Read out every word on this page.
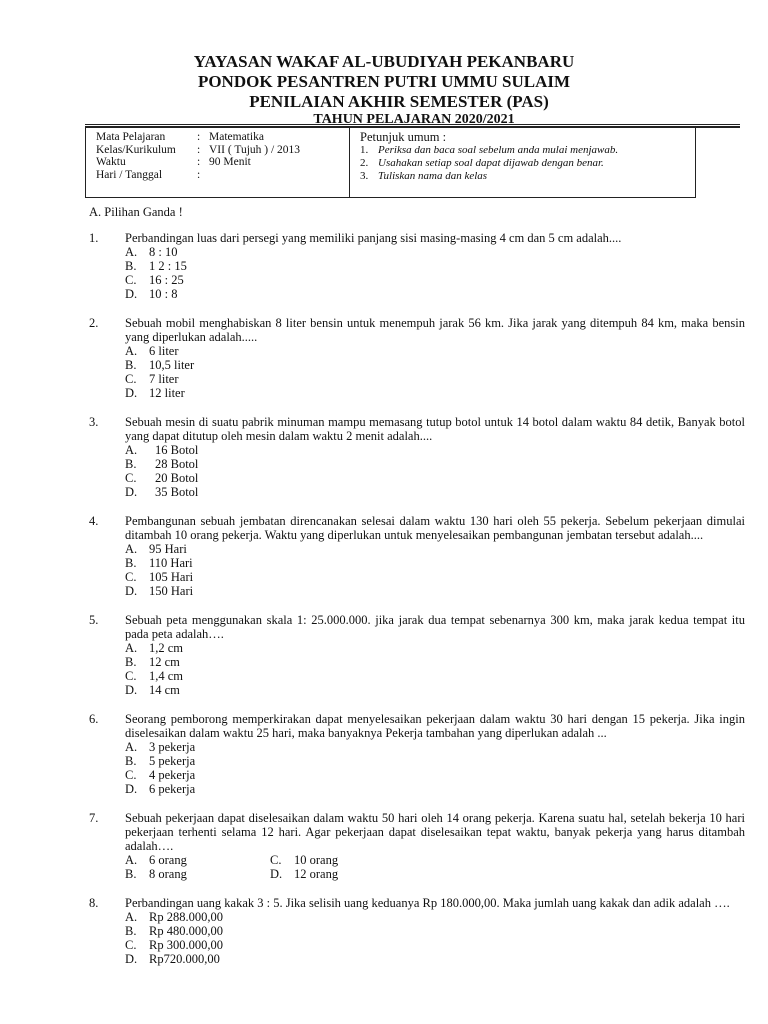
YAYASAN WAKAF AL-UBUDIYAH PEKANBARU
PONDOK PESANTREN PUTRI UMMU SULAIM
PENILAIAN AKHIR SEMESTER (PAS)
TAHUN PELAJARAN 2020/2021
Mata Pelajaran	: Matematika
Kelas/Kurikulum : VII ( Tujuh ) / 2013
Waktu	: 90 Menit
Hari / Tanggal	:
Petunjuk umum :
1. Periksa dan baca soal sebelum anda mulai menjawab.
2. Usahakan setiap soal dapat dijawab dengan benar.
3. Tuliskan nama dan kelas
A. Pilihan Ganda !
1. Perbandingan luas dari persegi yang memiliki panjang sisi masing-masing 4 cm dan 5 cm adalah....
A. 8 : 10
B. 1 2 : 15
C. 16 : 25
D. 10 : 8
2. Sebuah mobil menghabiskan 8 liter bensin untuk menempuh jarak 56 km. Jika jarak yang ditempuh 84 km, maka bensin yang diperlukan adalah.....
A. 6 liter
B. 10,5 liter
C. 7 liter
D. 12 liter
3. Sebuah mesin di suatu pabrik minuman mampu memasang tutup botol untuk 14 botol dalam waktu 84 detik, Banyak botol yang dapat ditutup oleh mesin dalam waktu 2 menit adalah....
A. 16 Botol
B. 28 Botol
C. 20 Botol
D. 35 Botol
4. Pembangunan sebuah jembatan direncanakan selesai dalam waktu 130 hari oleh 55 pekerja. Sebelum pekerjaan dimulai ditambah 10 orang pekerja. Waktu yang diperlukan untuk menyelesaikan pembangunan jembatan tersebut adalah....
A. 95 Hari
B. 110 Hari
C. 105 Hari
D. 150 Hari
5. Sebuah peta menggunakan skala 1: 25.000.000. jika jarak dua tempat sebenarnya 300 km, maka jarak kedua tempat itu pada peta adalah….
A. 1,2 cm
B. 12 cm
C. 1,4 cm
D. 14 cm
6. Seorang pemborong memperkirakan dapat menyelesaikan pekerjaan dalam waktu 30 hari dengan 15 pekerja. Jika ingin diselesaikan dalam waktu 25 hari, maka banyaknya Pekerja tambahan yang diperlukan adalah ...
A. 3 pekerja
B. 5 pekerja
C. 4 pekerja
D. 6 pekerja
7. Sebuah pekerjaan dapat diselesaikan dalam waktu 50 hari oleh 14 orang pekerja. Karena suatu hal, setelah bekerja 10 hari pekerjaan terhenti selama 12 hari. Agar pekerjaan dapat diselesaikan tepat waktu, banyak pekerja yang harus ditambah adalah….
A. 6 orang	C. 10 orang
B. 8 orang	D. 12 orang
8. Perbandingan uang kakak 3 : 5. Jika selisih uang keduanya Rp 180.000,00. Maka jumlah uang kakak dan adik adalah ….
A. Rp 288.000,00
B. Rp 480.000,00
C. Rp 300.000,00
D. Rp720.000,00
